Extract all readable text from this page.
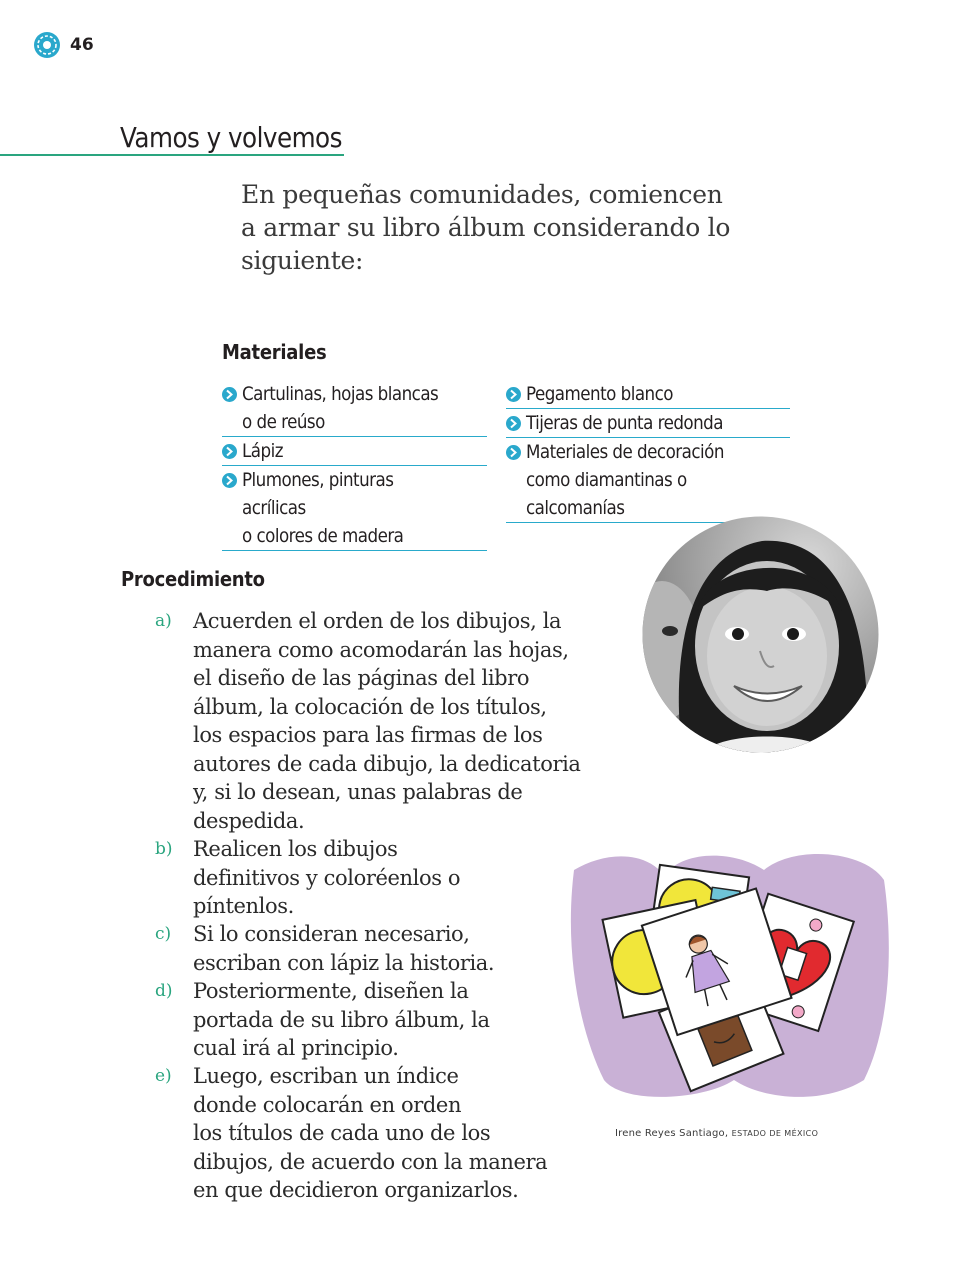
46
Vamos y volvemos
En pequeñas comunidades, comiencen a armar su libro álbum considerando lo siguiente:
Materiales
Cartulinas, hojas blancas
o de reúso
Lápiz
Plumones, pinturas acrílicas
o colores de madera
Pegamento blanco
Tijeras de punta redonda
Materiales de decoración
como diamantinas o
calcomanías
Procedimiento
a) Acuerden el orden de los dibujos, la
manera como acomodarán las hojas,
el diseño de las páginas del libro
álbum, la colocación de los títulos,
los espacios para las firmas de los
autores de cada dibujo, la dedicatoria
y, si lo desean, unas palabras de
despedida.
b) Realicen los dibujos
definitivos y coloréenlos o
píntenlos.
c) Si lo consideran necesario,
escriban con lápiz la historia.
d) Posteriormente, diseñen la
portada de su libro álbum, la
cual irá al principio.
e) Luego, escriban un índice
donde colocarán en orden
los títulos de cada uno de los
dibujos, de acuerdo con la manera
en que decidieron organizarlos.
Irene Reyes Santiago, ESTADO DE MÉXICO
